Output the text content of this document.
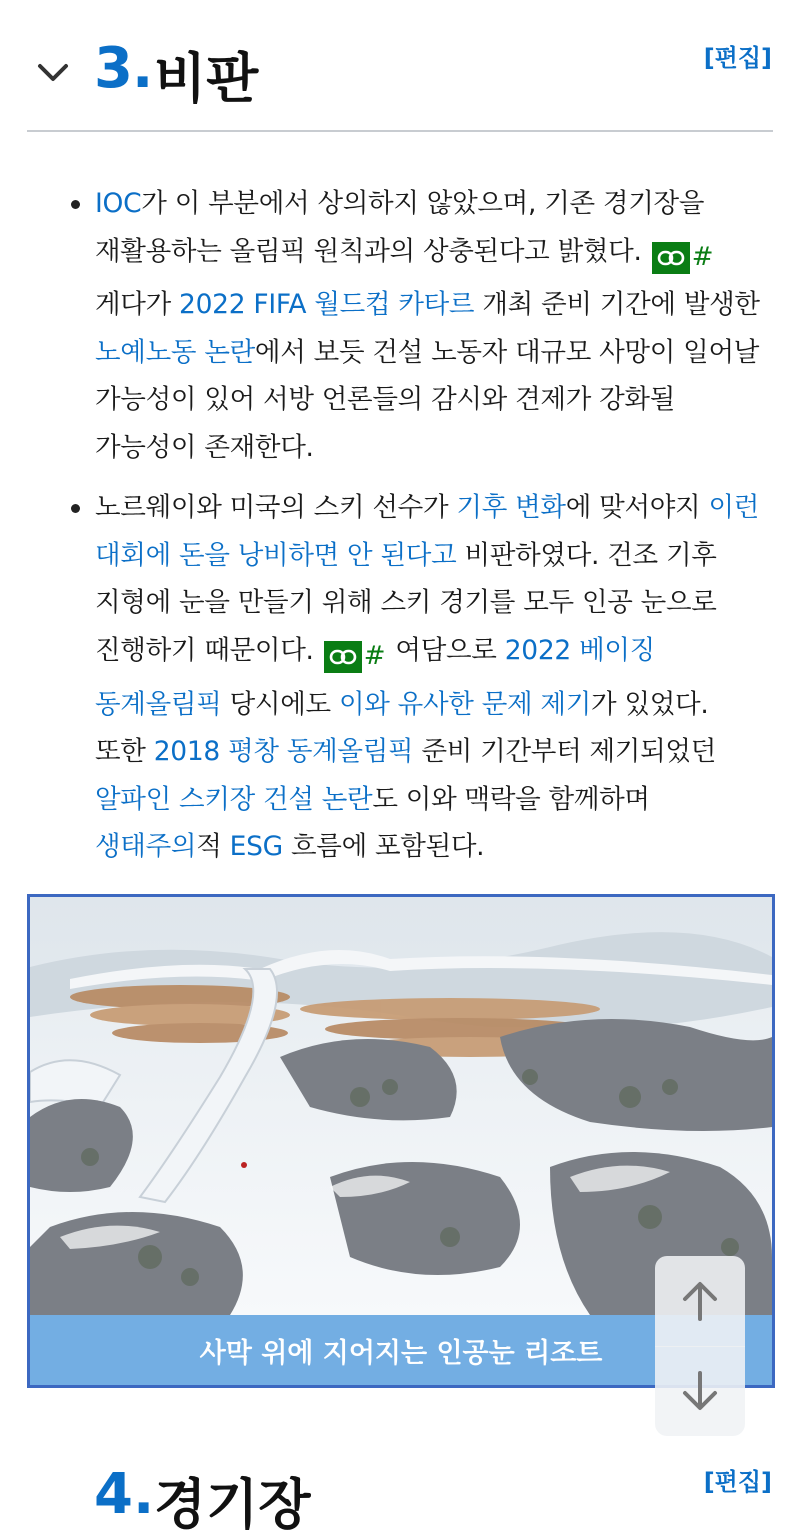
3. 비판	[편집]
IOC가 이 부분에서 상의하지 않았으며, 기존 경기장을 재활용하는 올림픽 원칙과의 상충된다고 밝혔다. #
게다가 2022 FIFA 월드컵 카타르 개최 준비 기간에 발생한 노예노동 논란에서 보듯 건설 노동자 대규모 사망이 일어날 가능성이 있어 서방 언론들의 감시와 견제가 강화될 가능성이 존재한다.
노르웨이와 미국의 스키 선수가 기후 변화에 맞서야지 이런 대회에 돈을 낭비하면 안 된다고 비판하였다. 건조 기후 지형에 눈을 만들기 위해 스키 경기를 모두 인공 눈으로 진행하기 때문이다. # 여담으로 2022 베이징 동계올림픽 당시에도 이와 유사한 문제 제기가 있었다. 또한 2018 평창 동계올림픽 준비 기간부터 제기되었던 알파인 스키장 건설 논란도 이와 맥락을 함께하며 생태주의적 ESG 흐름에 포함된다.
사막 위에 지어지는 인공눈 리조트
4. 경기장	[편집]
